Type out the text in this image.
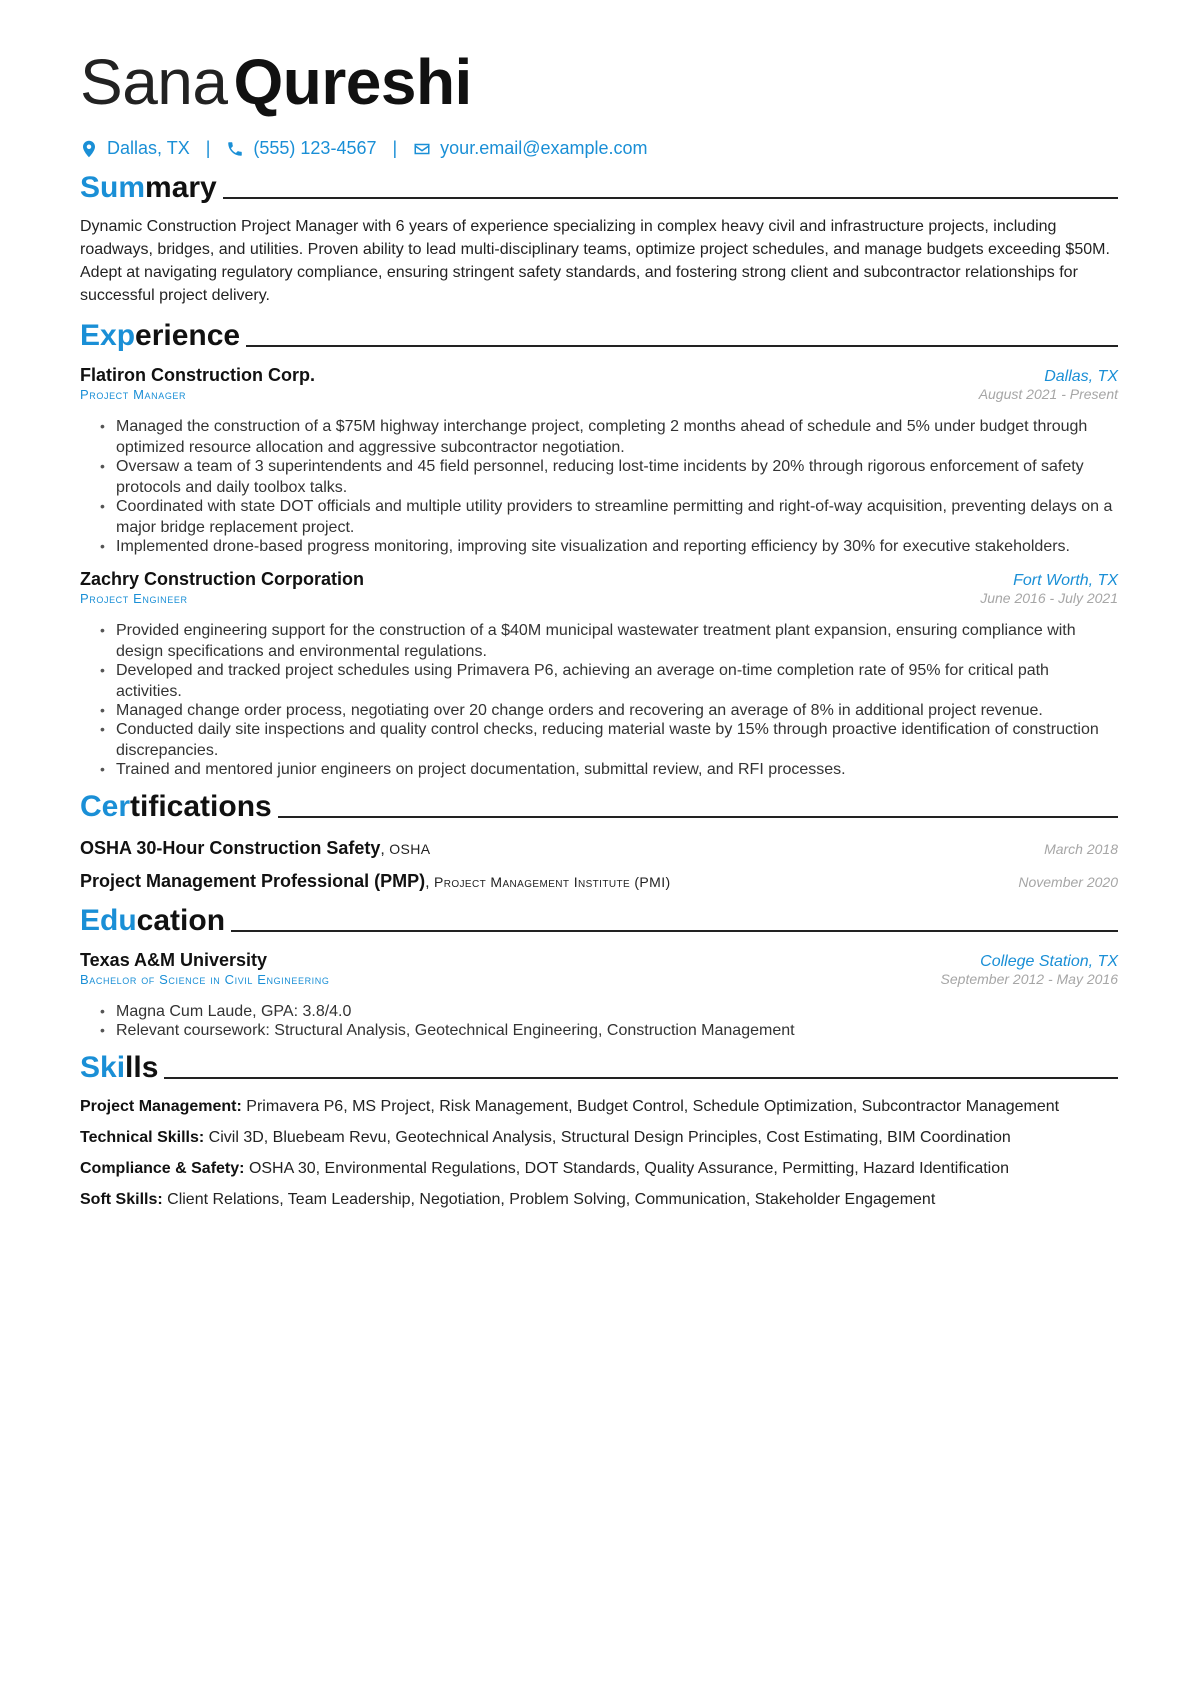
SanaQureshi
Dallas, TX | (555) 123-4567 | your.email@example.com
Summary

Dynamic Construction Project Manager with 6 years of experience specializing in complex heavy civil and infrastructure projects, including roadways, bridges, and utilities. Proven ability to lead multi-disciplinary teams, optimize project schedules, and manage budgets exceeding $50M. Adept at navigating regulatory compliance, ensuring stringent safety standards, and fostering strong client and subcontractor relationships for successful project delivery.

Experience
Flatiron Construction Corp.	Dallas, TX
Project Manager	August 2021 - Present
• Managed the construction of a $75M highway interchange project, completing 2 months ahead of schedule and 5% under budget through optimized resource allocation and aggressive subcontractor negotiation.
• Oversaw a team of 3 superintendents and 45 field personnel, reducing lost-time incidents by 20% through rigorous enforcement of safety protocols and daily toolbox talks.
• Coordinated with state DOT officials and multiple utility providers to streamline permitting and right-of-way acquisition, preventing delays on a major bridge replacement project.
• Implemented drone-based progress monitoring, improving site visualization and reporting efficiency by 30% for executive stakeholders.
Zachry Construction Corporation	Fort Worth, TX
Project Engineer	June 2016 - July 2021
• Provided engineering support for the construction of a $40M municipal wastewater treatment plant expansion, ensuring compliance with design specifications and environmental regulations.
• Developed and tracked project schedules using Primavera P6, achieving an average on-time completion rate of 95% for critical path activities.
• Managed change order process, negotiating over 20 change orders and recovering an average of 8% in additional project revenue.
• Conducted daily site inspections and quality control checks, reducing material waste by 15% through proactive identification of construction discrepancies.
• Trained and mentored junior engineers on project documentation, submittal review, and RFI processes.
Certifications
OSHA 30-Hour Construction Safety, OSHA	March 2018
Project Management Professional (PMP), Project Management Institute (PMI)	November 2020
Education
Texas A&M University	College Station, TX
Bachelor of Science in Civil Engineering	September 2012 - May 2016
• Magna Cum Laude, GPA: 3.8/4.0
• Relevant coursework: Structural Analysis, Geotechnical Engineering, Construction Management
Skills
Project Management: Primavera P6, MS Project, Risk Management, Budget Control, Schedule Optimization, Subcontractor Management
Technical Skills: Civil 3D, Bluebeam Revu, Geotechnical Analysis, Structural Design Principles, Cost Estimating, BIM Coordination
Compliance & Safety: OSHA 30, Environmental Regulations, DOT Standards, Quality Assurance, Permitting, Hazard Identification
Soft Skills: Client Relations, Team Leadership, Negotiation, Problem Solving, Communication, Stakeholder Engagement
